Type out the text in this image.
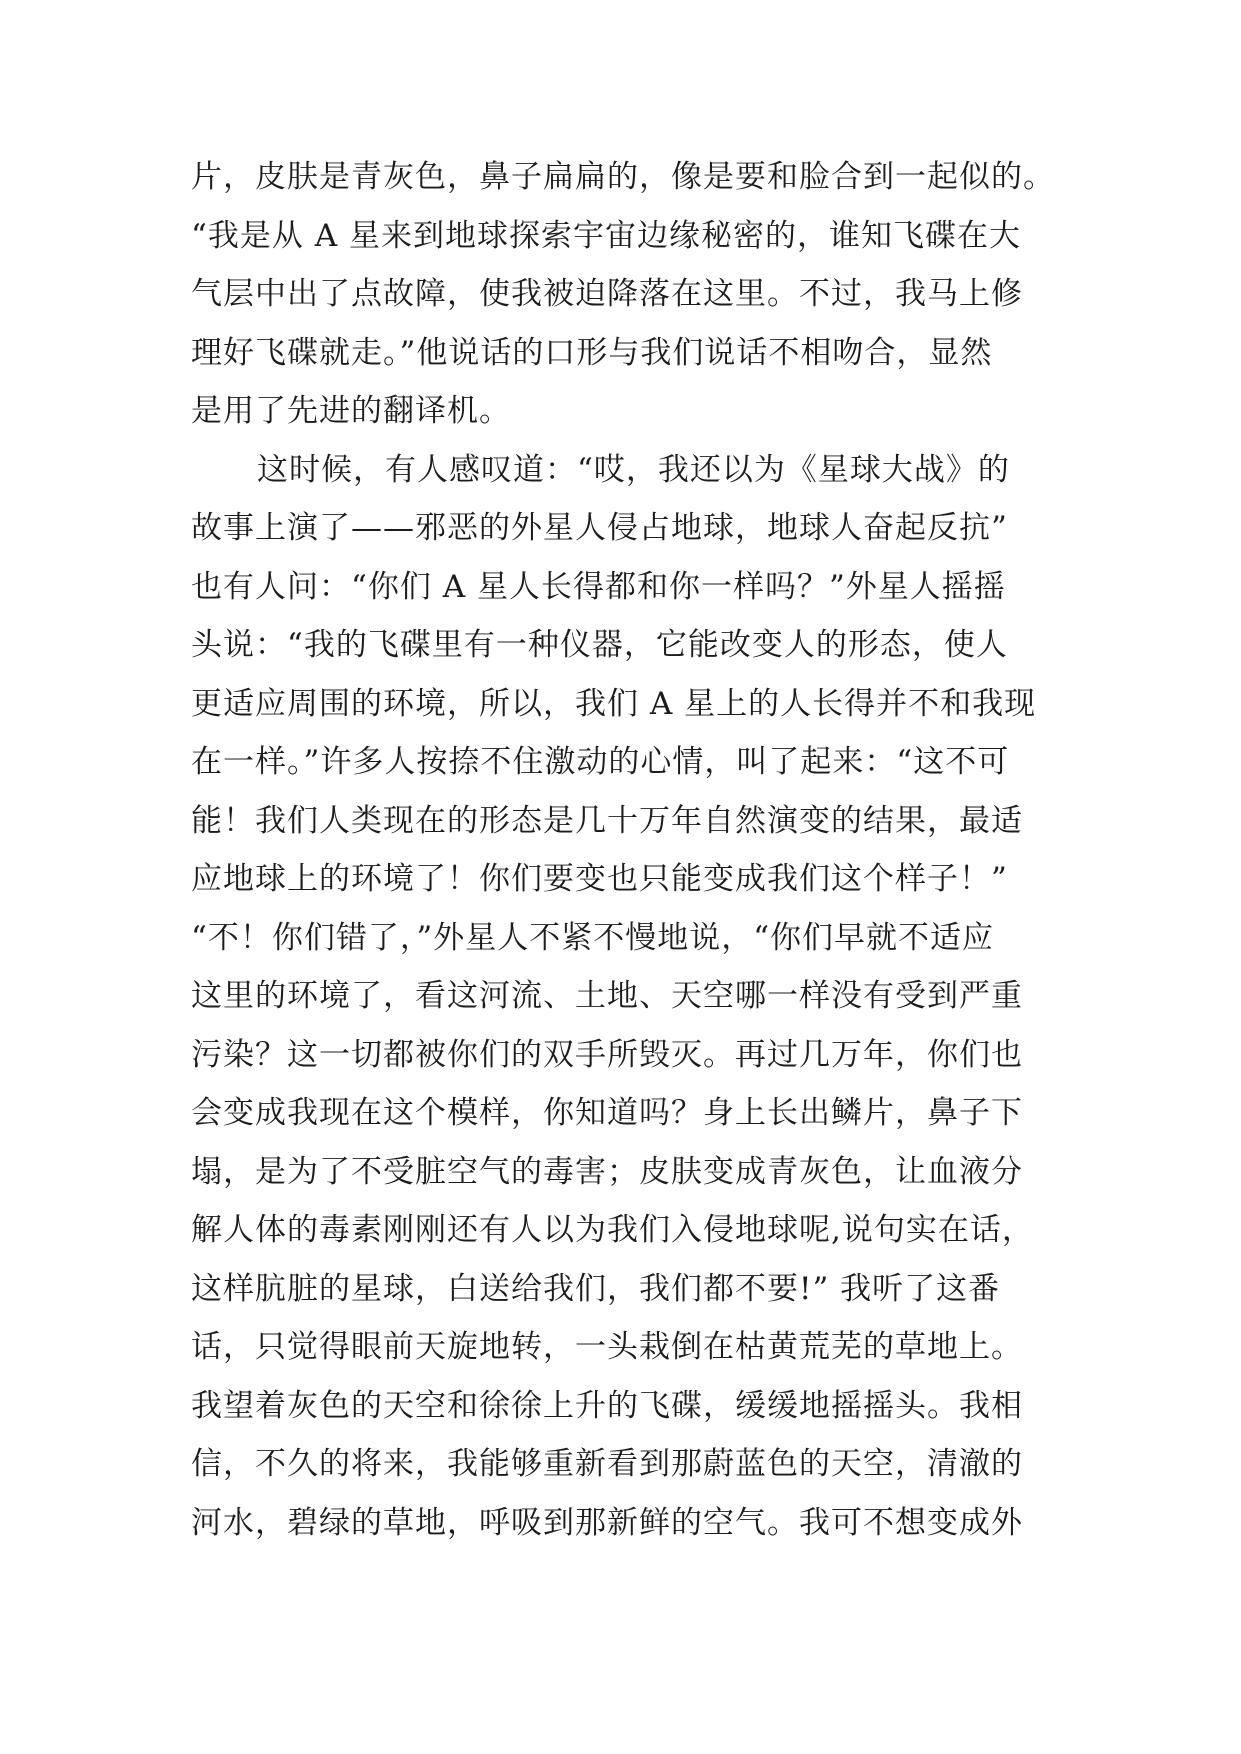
片，皮肤是青灰色，鼻子扁扁的，像是要和脸合到一起似的。
“我是从 A 星来到地球探索宇宙边缘秘密的，谁知飞碟在大
气层中出了点故障，使我被迫降落在这里。不过，我马上修
理好飞碟就走。”他说话的口形与我们说话不相吻合，显然
是用了先进的翻译机。
这时候，有人感叹道：“哎，我还以为《星球大战》的
故事上演了——邪恶的外星人侵占地球，地球人奋起反抗”
也有人问：“你们 A 星人长得都和你一样吗？”外星人摇摇
头说：“我的飞碟里有一种仪器，它能改变人的形态，使人
更适应周围的环境，所以，我们 A 星上的人长得并不和我现
在一样。”许多人按捺不住激动的心情，叫了起来：“这不可
能！我们人类现在的形态是几十万年自然演变的结果，最适
应地球上的环境了！你们要变也只能变成我们这个样子！”
“不！你们错了，”外星人不紧不慢地说，“你们早就不适应
这里的环境了，看这河流、土地、天空哪一样没有受到严重
污染？这一切都被你们的双手所毁灭。再过几万年，你们也
会变成我现在这个模样，你知道吗？身上长出鳞片，鼻子下
塌，是为了不受脏空气的毒害；皮肤变成青灰色，让血液分
解人体的毒素刚刚还有人以为我们入侵地球呢,说句实在话，
这样肮脏的星球，白送给我们，我们都不要!” 我听了这番
话，只觉得眼前天旋地转，一头栽倒在枯黄荒芜的草地上。
我望着灰色的天空和徐徐上升的飞碟，缓缓地摇摇头。我相
信，不久的将来，我能够重新看到那蔚蓝色的天空，清澈的
河水，碧绿的草地，呼吸到那新鲜的空气。我可不想变成外
